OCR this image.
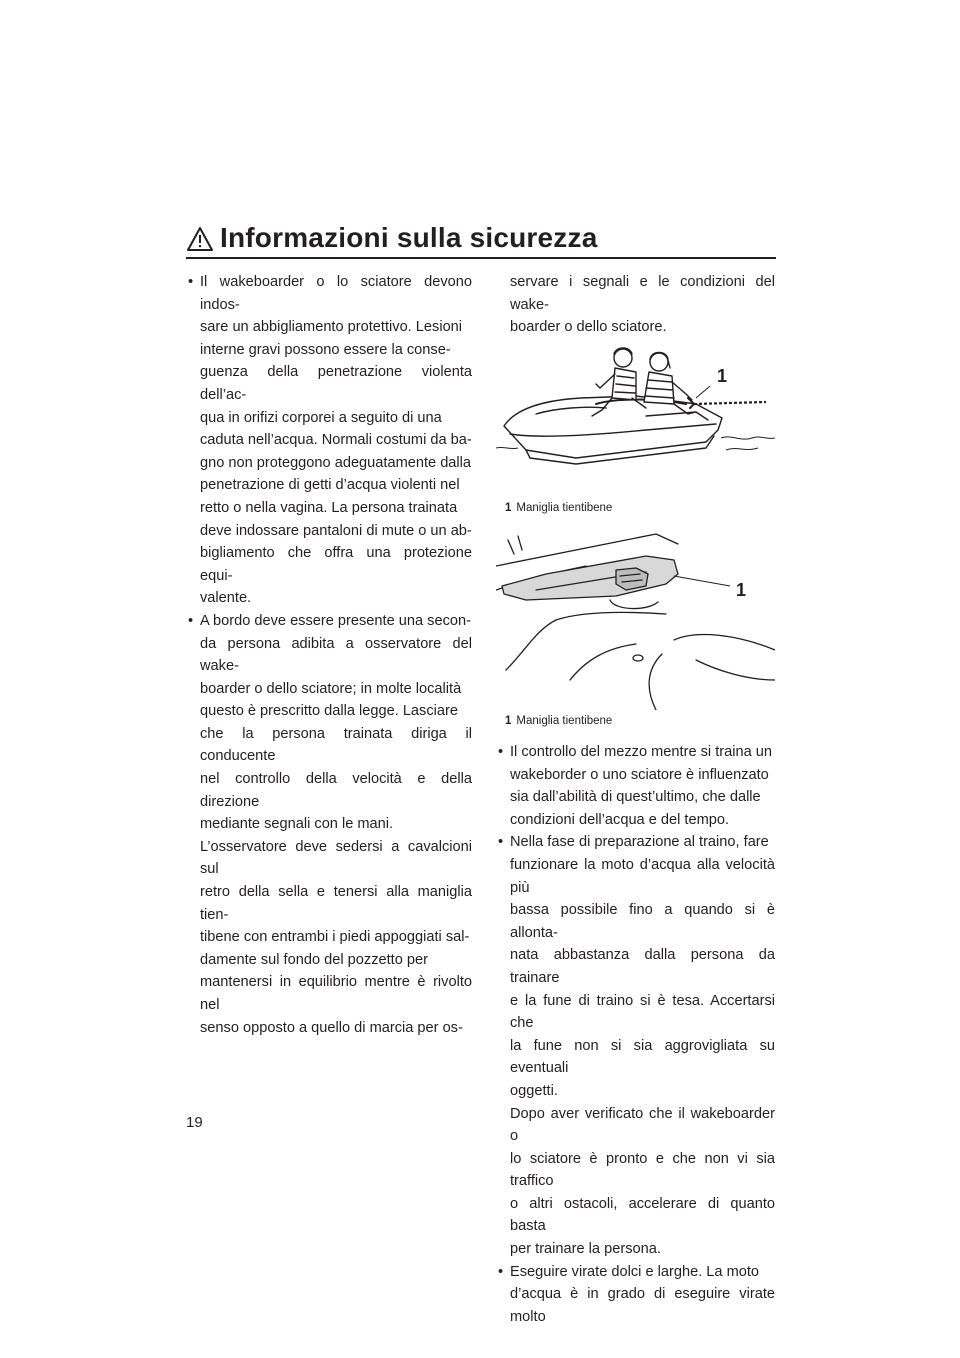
Informazioni sulla sicurezza
19
• Il wakeboarder o lo sciatore devono indos-
sare un abbigliamento protettivo. Lesioni
interne gravi possono essere la conse-
guenza della penetrazione violenta dell’ac-
qua in orifizi corporei a seguito di una
caduta nell’acqua. Normali costumi da ba-
gno non proteggono adeguatamente dalla
penetrazione di getti d’acqua violenti nel
retto o nella vagina. La persona trainata
deve indossare pantaloni di mute o un ab-
bigliamento che offra una protezione equi-
valente.
• A bordo deve essere presente una secon-
da persona adibita a osservatore del wake-
boarder o dello sciatore; in molte località
questo è prescritto dalla legge. Lasciare
che la persona trainata diriga il conducente
nel controllo della velocità e della direzione
mediante segnali con le mani.
L’osservatore deve sedersi a cavalcioni sul
retro della sella e tenersi alla maniglia tien-
tibene con entrambi i piedi appoggiati sal-
damente sul fondo del pozzetto per
mantenersi in equilibrio mentre è rivolto nel
senso opposto a quello di marcia per os-
servare i segnali e le condizioni del wake-
boarder o dello sciatore.
1
1 Maniglia tientibene
1
1 Maniglia tientibene
• Il controllo del mezzo mentre si traina un
wakeborder o uno sciatore è influenzato
sia dall’abilità di quest’ultimo, che dalle
condizioni dell’acqua e del tempo.
• Nella fase di preparazione al traino, fare
funzionare la moto d’acqua alla velocità più
bassa possibile fino a quando si è allonta-
nata abbastanza dalla persona da trainare
e la fune di traino si è tesa. Accertarsi che
la fune non si sia aggrovigliata su eventuali
oggetti.
Dopo aver verificato che il wakeboarder o
lo sciatore è pronto e che non vi sia traffico
o altri ostacoli, accelerare di quanto basta
per trainare la persona.
• Eseguire virate dolci e larghe. La moto
d’acqua è in grado di eseguire virate molto
